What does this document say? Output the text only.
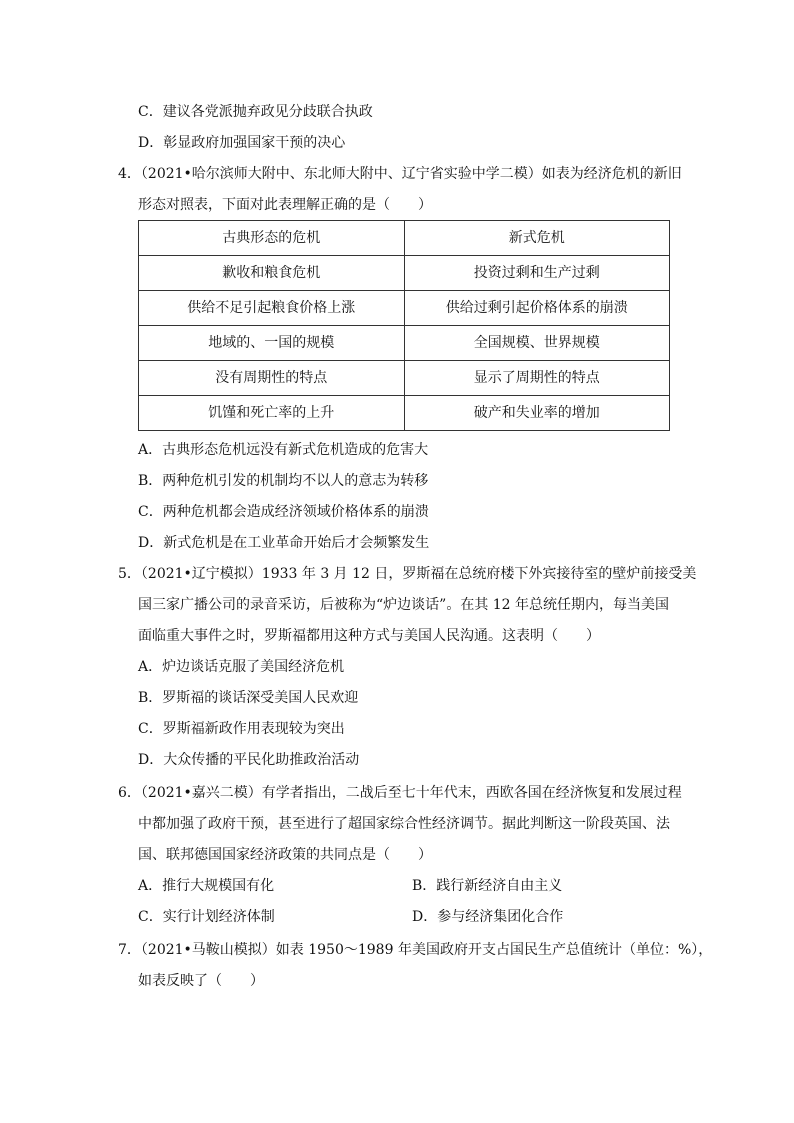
C．建议各党派抛弃政见分歧联合执政
D．彰显政府加强国家干预的决心
4．（2021•哈尔滨师大附中、东北师大附中、辽宁省实验中学二模）如表为经济危机的新旧
形态对照表，下面对此表理解正确的是（　　）
古典形态的危机	新式危机
歉收和粮食危机	投资过剩和生产过剩
供给不足引起粮食价格上涨	供给过剩引起价格体系的崩溃
地域的、一国的规模	全国规模、世界规模
没有周期性的特点	显示了周期性的特点
饥馑和死亡率的上升	破产和失业率的增加
A．古典形态危机远没有新式危机造成的危害大
B．两种危机引发的机制均不以人的意志为转移
C．两种危机都会造成经济领域价格体系的崩溃
D．新式危机是在工业革命开始后才会频繁发生
5．（2021•辽宁模拟）1933 年 3 月 12 日，罗斯福在总统府楼下外宾接待室的壁炉前接受美
国三家广播公司的录音采访，后被称为“炉边谈话”。在其 12 年总统任期内，每当美国
面临重大事件之时，罗斯福都用这种方式与美国人民沟通。这表明（　　）
A．炉边谈话克服了美国经济危机
B．罗斯福的谈话深受美国人民欢迎
C．罗斯福新政作用表现较为突出
D．大众传播的平民化助推政治活动
6．（2021•嘉兴二模）有学者指出，二战后至七十年代末，西欧各国在经济恢复和发展过程
中都加强了政府干预，甚至进行了超国家综合性经济调节。据此判断这一阶段英国、法
国、联邦德国国家经济政策的共同点是（　　）
A．推行大规模国有化	B．践行新经济自由主义
C．实行计划经济体制	D．参与经济集团化合作
7．（2021•马鞍山模拟）如表 1950～1989 年美国政府开支占国民生产总值统计（单位：%），
如表反映了（　　）
